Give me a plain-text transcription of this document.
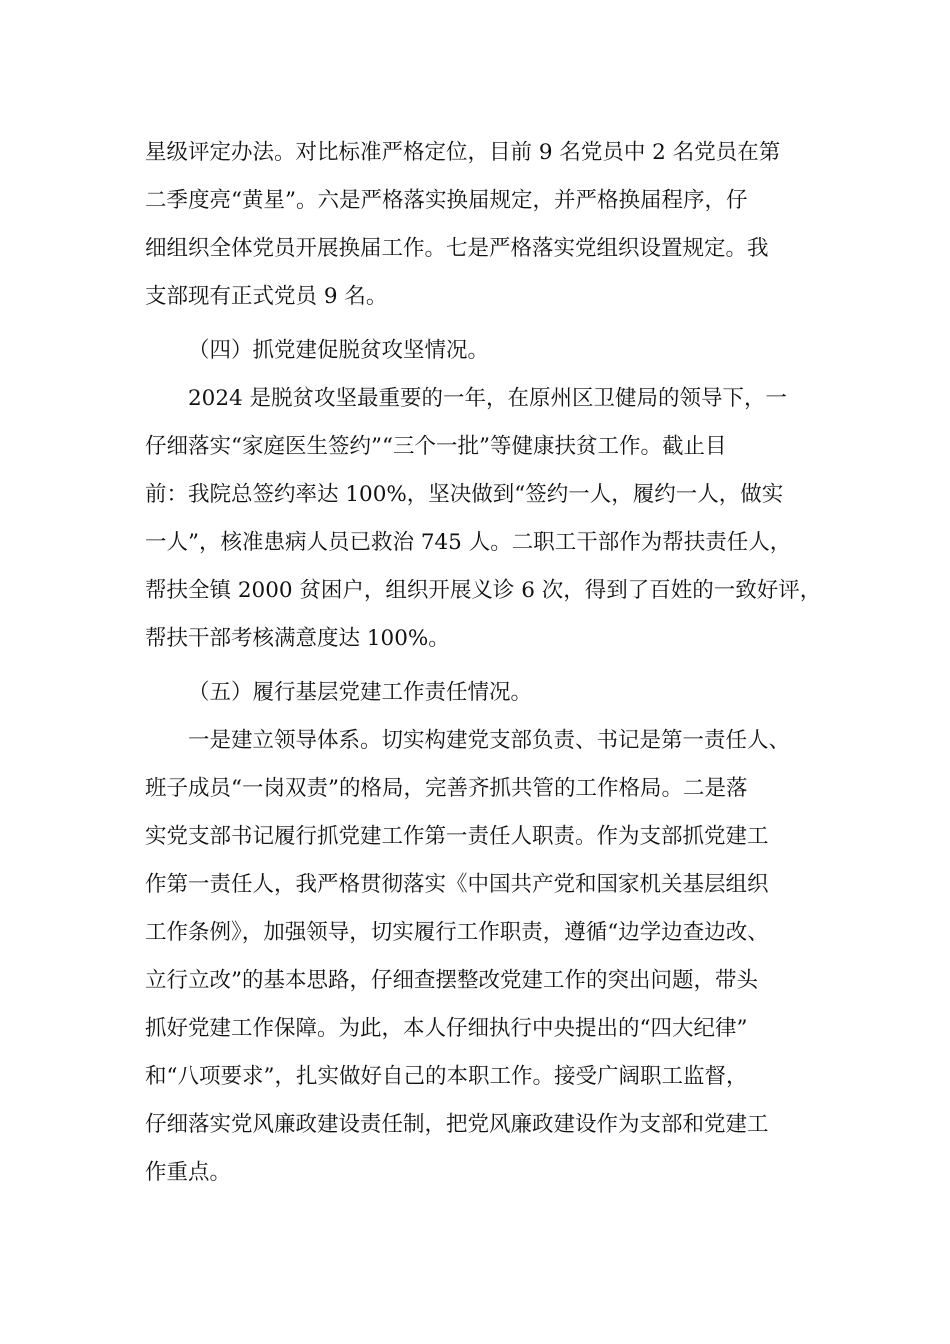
星级评定办法。对比标准严格定位，目前 9 名党员中 2 名党员在第
二季度亮“黄星”。六是严格落实换届规定，并严格换届程序，仔
细组织全体党员开展换届工作。七是严格落实党组织设置规定。我
支部现有正式党员 9 名。
（四）抓党建促脱贫攻坚情况。
2024 是脱贫攻坚最重要的一年，在原州区卫健局的领导下，一
仔细落实“家庭医生签约”“三个一批”等健康扶贫工作。截止目
前：我院总签约率达 100%，坚决做到“签约一人，履约一人，做实
一人”，核准患病人员已救治 745 人。二职工干部作为帮扶责任人，
帮扶全镇 2000 贫困户，组织开展义诊 6 次，得到了百姓的一致好评，
帮扶干部考核满意度达 100%。
（五）履行基层党建工作责任情况。
一是建立领导体系。切实构建党支部负责、书记是第一责任人、
班子成员“一岗双责”的格局，完善齐抓共管的工作格局。二是落
实党支部书记履行抓党建工作第一责任人职责。作为支部抓党建工
作第一责任人，我严格贯彻落实《中国共产党和国家机关基层组织
工作条例》，加强领导，切实履行工作职责，遵循“边学边查边改、
立行立改”的基本思路，仔细查摆整改党建工作的突出问题，带头
抓好党建工作保障。为此，本人仔细执行中央提出的“四大纪律”
和“八项要求”，扎实做好自己的本职工作。接受广阔职工监督，
仔细落实党风廉政建设责任制，把党风廉政建设作为支部和党建工
作重点。
